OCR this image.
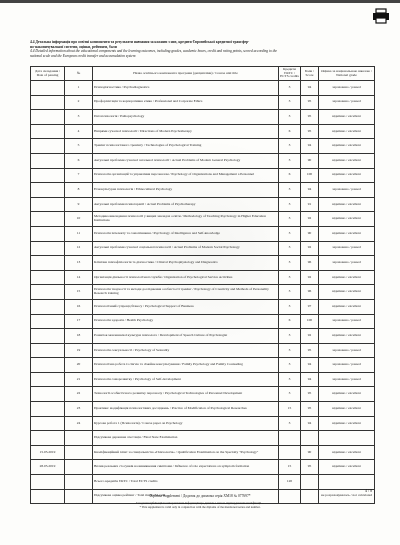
4.4 Детальна інформація про освітні компоненти та результати навчання за кожним з них, кредити Європейської кредитної трансфер-
но-накопичувальної системи, оцінки, рейтинги, бали
4.4 Detailed information about the educational components and the learning outcomes, including grades, academic hours, credit and rating points, scored according to the
national scale and the European credit transfer and accumulation system
Дата складання / Date of passing	№	Назва освітнього компонента програми (дисципліни) / Course unit title	Кредити ЄКТС / ECTS credits	Бали / Score	Оцінка за національною шкалою / National grade
	1	Психодіагностика / Psychodiagnostics	3	94	зараховано / passed
	2	Профорієнтація та корпоративна етика / Professional and Corporate Ethics	3	95	зараховано / passed
	3	Патопсихологія / Pathopsychology	3	95	відмінно / excellent
	4	Напрями сучасної психології / Directions of Modern Psychotherapy	6	95	відмінно / excellent
	5	Тренінг психологічного тренінгу / Technologies of Psychological Training	3	94	відмінно / excellent
	6	Актуальні проблеми сучасної загальної психології / Actual Problems of Modern General Psychology	3	90	відмінно / excellent
	7	Психологія організацій та управління персоналом / Psychology of Organizations and Management a Personnel	6	100	відмінно / excellent
	8	Етнокультурна психологія / Ethnocultural Psychology	3	94	зараховано / passed
	9	Актуальні проблеми психотерапії / Actual Problems of Psychotherapy	3	91	відмінно / excellent
	10	Методика викладання психології у вищих закладах освіти / Methodology of Teaching Psychology in Higher Education Institutions	3	92	відмінно / excellent
	11	Психологія інтелекту та самопізнання / Psychology of Intelligence and Self-knowledge	3	90	відмінно / excellent
	12	Актуальні проблеми сучасної соціальної психології / Actual Problems of Modern Social Psychology	3	92	зараховано / passed
	13	Клінічна психофізіологія та діагностика / Clinical Psychophysiology and Diagnostics	3	96	зараховано / passed
	14	Організація діяльності психологічної служби / Organization of Psychological Service Activities	3	92	відмінно / excellent
	15	Психологія творчості та методи дослідження особистості тренінг / Psychology of Creativity and Methods of Personality Research training	3	96	відмінно / excellent
	16	Психологічний супровід бізнесу / Psychological Support of Business	3	97	відмінно / excellent
	17	Психологія здоров'я / Health Psychology	6	100	зараховано / passed
	18	Розвиток мовленнєвої культури психолога / Development of Speech Culture of Psychologist	3	92	відмінно / excellent
	19	Психологія сексуальності / Psychology of Sexuality	3	95	зараховано / passed
	20	Психологічна робота із сім'єю та сімейне консультування / Family Psychology and Family Counseling	3	94	зараховано / passed
	21	Психологія саморозвитку / Psychology of Self-development	3	94	зараховано / passed
	22	Технології особистісного розвитку персоналу / Psychological Technologies of Personnel Development	3	95	відмінно / excellent
	23	Практика: модифікація психологічних досліджень / Practice of Modification of Psychological Researches	15	95	відмінно / excellent
	24	Курсова робота 1 (Психологія) / Course paper on Psychology	3	94	відмінно / excellent
		Підсумкова державна атестація / Final State Examination			
15.05.2019		Кваліфікаційний іспит за спеціальністю «Психологія» / Qualification Examination on the Specialty "Psychology"		90	відмінно / excellent
28.05.2019		Вплив реальних стосунків на виникнення симптоми / Influence of role expectations on symptom formation	15	95	відмінно / excellent
		Всього кредитів ЄКТС / Total ECTS credits	120		
		Підсумкова оцінка рейтинг / Total mark and rank			не розраховувалась / not calculated
4 / 8
Diploma Supplement / Додаток до диплома серія ХМ18 № 077697*
* подання публікації та використання інформації про диплом з метою підтвердження кваліфікації ...
* This supplement is valid only in conjunction with the diploma of the mentioned series and number.
